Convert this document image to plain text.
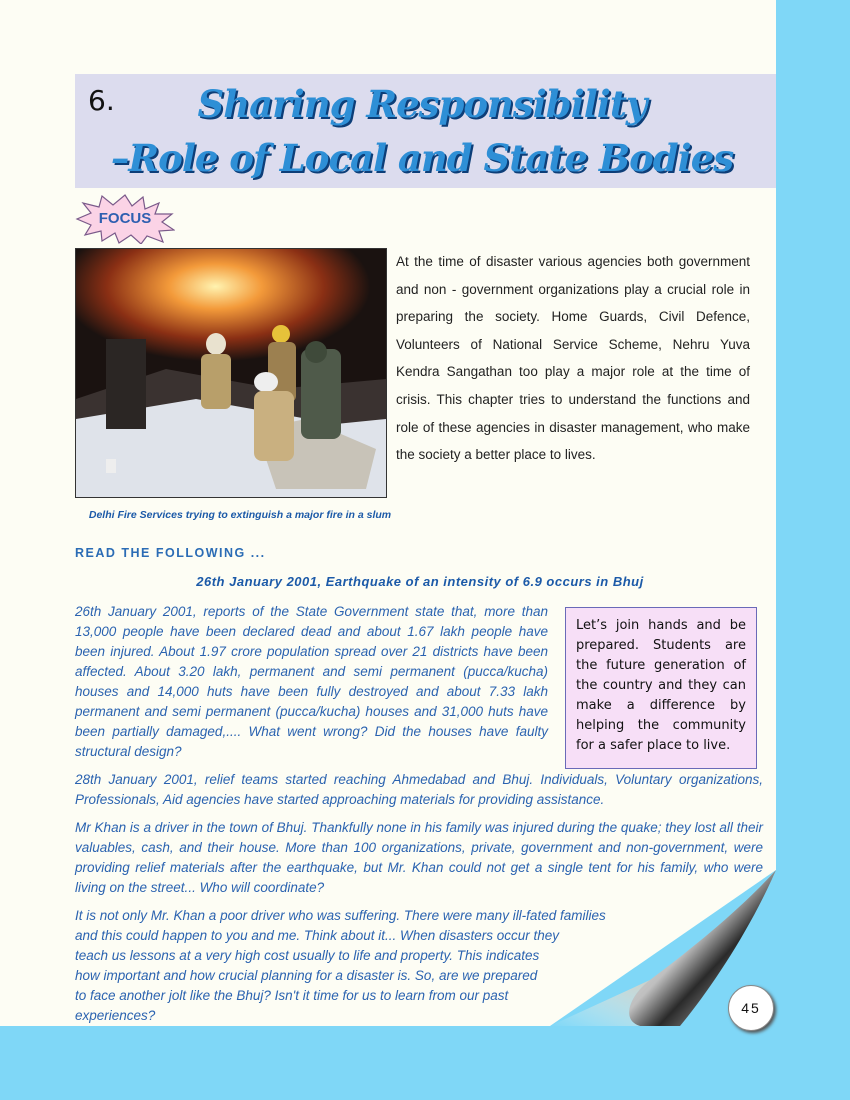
6.	Sharing Responsibility
–Role of Local and State Bodies
FOCUS
Delhi Fire Services trying to extinguish a major fire in a slum
At the time of disaster various agencies both government and non - government organizations play a crucial role in preparing the society. Home Guards, Civil Defence, Volunteers of National Service Scheme, Nehru Yuva Kendra Sangathan too play a major role at the time of crisis. This chapter tries to understand the functions and role of these agencies in disaster management, who make the society a better place to lives.
READ THE FOLLOWING ...
26th January 2001, Earthquake of an intensity of 6.9 occurs in Bhuj
26th January 2001, reports of the State Government state that, more than 13,000 people have been declared dead and about 1.67 lakh people have been injured. About 1.97 crore population spread over 21 districts have been affected. About 3.20 lakh, permanent and semi permanent (pucca/kucha) houses and 14,000 huts have been fully destroyed and about 7.33 lakh permanent and semi permanent (pucca/kucha) houses and 31,000 huts have been partially damaged,.... What went wrong? Did the houses have faulty structural design?
Let’s join hands and be prepared. Students are the future generation of the country and they can make a difference by helping the community for a safer place to live.
28th January 2001, relief teams started reaching Ahmedabad and Bhuj. Individuals, Voluntary organizations, Professionals, Aid agencies have started approaching materials for providing assistance.
Mr Khan is a driver in the town of Bhuj. Thankfully none in his family was injured during the quake; they lost all their valuables, cash, and their house. More than 100 organizations, private, government and non-government, were providing relief materials after the earthquake, but Mr. Khan could not get a single tent for his family, who were living on the street... Who will coordinate?
It is not only Mr. Khan a poor driver who was suffering. There were many ill-fated families
and this could happen to you and me. Think about it... When disasters occur they
teach us lessons at a very high cost usually to life and property. This indicates
how important and how crucial planning for a disaster is. So, are we prepared
to face another jolt like the Bhuj? Isn't it time for us to learn from our past
experiences?	45
